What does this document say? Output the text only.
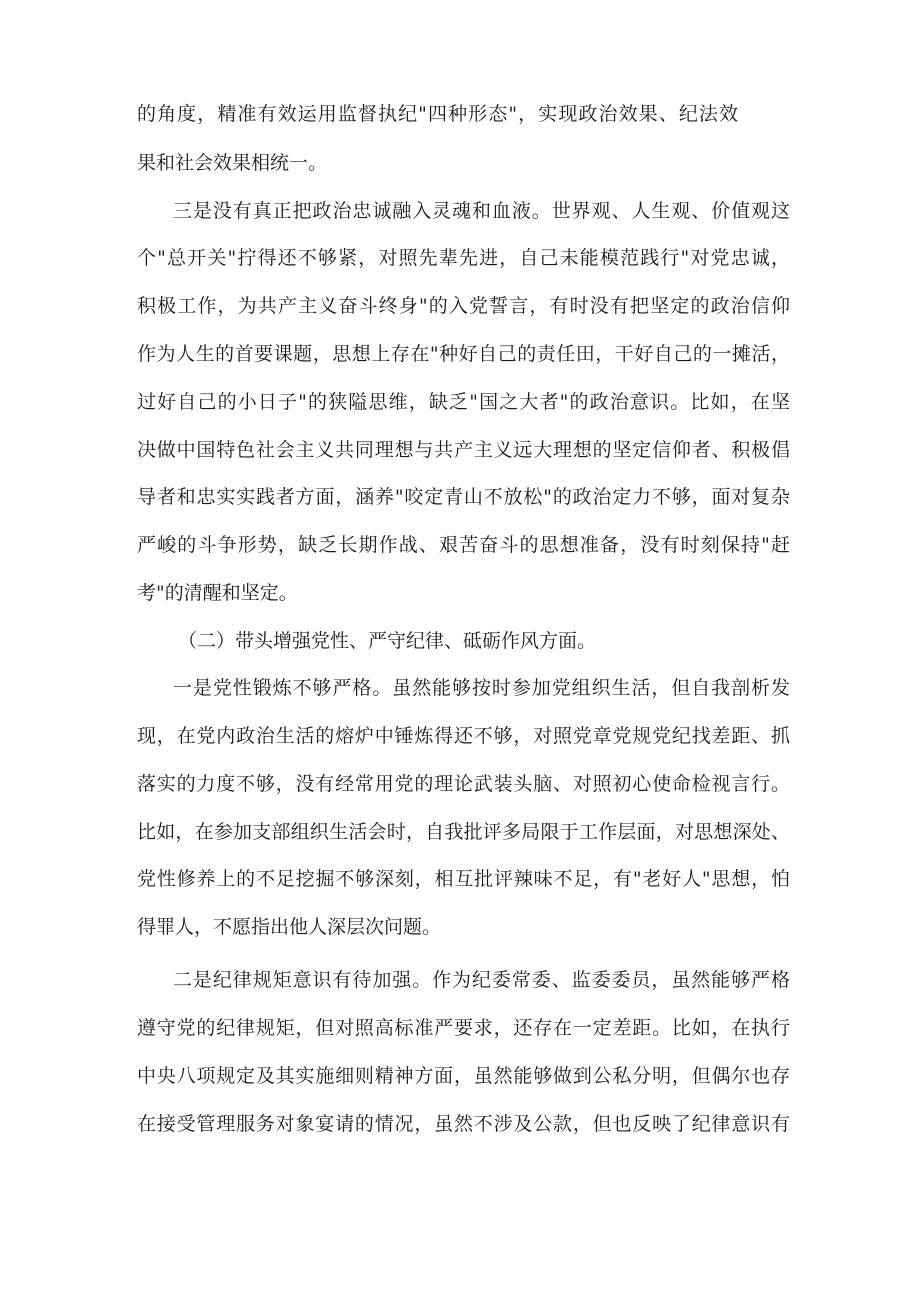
的角度，精准有效运用监督执纪"四种形态"，实现政治效果、纪法效
果和社会效果相统一。
三是没有真正把政治忠诚融入灵魂和血液。世界观、人生观、价值观这
个"总开关"拧得还不够紧，对照先辈先进，自己未能模范践行"对党忠诚，
积极工作，为共产主义奋斗终身"的入党誓言，有时没有把坚定的政治信仰
作为人生的首要课题，思想上存在"种好自己的责任田，干好自己的一摊活，
过好自己的小日子"的狭隘思维，缺乏"国之大者"的政治意识。比如，在坚
决做中国特色社会主义共同理想与共产主义远大理想的坚定信仰者、积极倡
导者和忠实实践者方面，涵养"咬定青山不放松"的政治定力不够，面对复杂
严峻的斗争形势，缺乏长期作战、艰苦奋斗的思想准备，没有时刻保持"赶
考"的清醒和坚定。
（二）带头增强党性、严守纪律、砥砺作风方面。
一是党性锻炼不够严格。虽然能够按时参加党组织生活，但自我剖析发
现，在党内政治生活的熔炉中锤炼得还不够，对照党章党规党纪找差距、抓
落实的力度不够，没有经常用党的理论武装头脑、对照初心使命检视言行。
比如，在参加支部组织生活会时，自我批评多局限于工作层面，对思想深处、
党性修养上的不足挖掘不够深刻，相互批评辣味不足，有"老好人"思想，怕
得罪人，不愿指出他人深层次问题。
二是纪律规矩意识有待加强。作为纪委常委、监委委员，虽然能够严格
遵守党的纪律规矩，但对照高标准严要求，还存在一定差距。比如，在执行
中央八项规定及其实施细则精神方面，虽然能够做到公私分明，但偶尔也存
在接受管理服务对象宴请的情况，虽然不涉及公款，但也反映了纪律意识有
